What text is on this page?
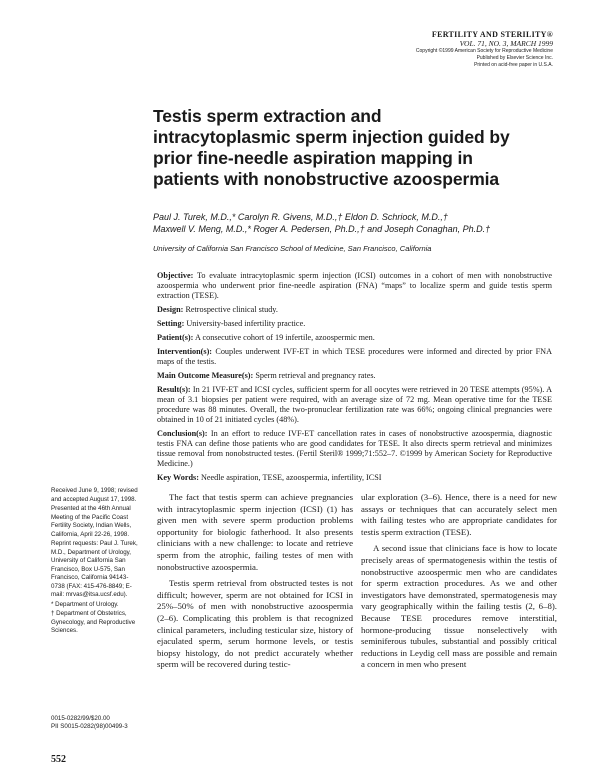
FERTILITY AND STERILITY®
VOL. 71, NO. 3, MARCH 1999
Copyright ©1999 American Society for Reproductive Medicine
Published by Elsevier Science Inc.
Printed on acid-free paper in U.S.A.
Testis sperm extraction and
intracytoplasmic sperm injection guided by
prior fine-needle aspiration mapping in
patients with nonobstructive azoospermia
Paul J. Turek, M.D.,* Carolyn R. Givens, M.D.,† Eldon D. Schriock, M.D.,†
Maxwell V. Meng, M.D.,* Roger A. Pedersen, Ph.D.,† and Joseph Conaghan, Ph.D.†
University of California San Francisco School of Medicine, San Francisco, California

Objective: To evaluate intracytoplasmic sperm injection (ICSI) outcomes in a cohort of men with nonobstructive azoospermia who underwent prior fine-needle aspiration (FNA) “maps” to localize sperm and guide testis sperm extraction (TESE).

Design: Retrospective clinical study.

Setting: University-based infertility practice.

Patient(s): A consecutive cohort of 19 infertile, azoospermic men.

Intervention(s): Couples underwent IVF-ET in which TESE procedures were informed and directed by prior FNA maps of the testis.

Main Outcome Measure(s): Sperm retrieval and pregnancy rates.

Result(s): In 21 IVF-ET and ICSI cycles, sufficient sperm for all oocytes were retrieved in 20 TESE attempts (95%). A mean of 3.1 biopsies per patient were required, with an average size of 72 mg. Mean operative time for the TESE procedure was 88 minutes. Overall, the two-pronuclear fertilization rate was 66%; ongoing clinical pregnancies were obtained in 10 of 21 initiated cycles (48%).

Conclusion(s): In an effort to reduce IVF-ET cancellation rates in cases of nonobstructive azoospermia, diagnostic testis FNA can define those patients who are good candidates for TESE. It also directs sperm retrieval and minimizes tissue removal from nonobstructed testes. (Fertil Steril® 1999;71:552–7. ©1999 by American Society for Reproductive Medicine.)

Key Words: Needle aspiration, TESE, azoospermia, infertility, ICSI

Received June 9, 1998; revised and accepted August 17, 1998.

Presented at the 46th Annual Meeting of the Pacific Coast Fertility Society, Indian Wells, California, April 22-26, 1998.

Reprint requests: Paul J. Turek, M.D., Department of Urology, University of California San Francisco, Box U-575, San Francisco, California 94143-0738 (FAX: 415-476-8849; E-mail: mrvas@itsa.ucsf.edu).

* Department of Urology.

† Department of Obstetrics, Gynecology, and Reproductive Sciences.

0015-0282/99/$20.00
PII S0015-0282(98)00499-3
552

The fact that testis sperm can achieve pregnancies with intracytoplasmic sperm injection (ICSI) (1) has given men with severe sperm production problems opportunity for biologic fatherhood. It also presents clinicians with a new challenge: to locate and retrieve sperm from the atrophic, failing testes of men with nonobstructive azoospermia.

Testis sperm retrieval from obstructed testes is not difficult; however, sperm are not obtained for ICSI in 25%–50% of men with nonobstructive azoospermia (2–6). Complicating this problem is that recognized clinical parameters, including testicular size, history of ejaculated sperm, serum hormone levels, or testis biopsy histology, do not predict accurately whether sperm will be recovered during testic-

ular exploration (3–6). Hence, there is a need for new assays or techniques that can accurately select men with failing testes who are appropriate candidates for testis sperm extraction (TESE).

A second issue that clinicians face is how to locate precisely areas of spermatogenesis within the testis of nonobstructive azoospermic men who are candidates for sperm extraction procedures. As we and other investigators have demonstrated, spermatogenesis may vary geographically within the failing testis (2, 6–8). Because TESE procedures remove interstitial, hormone-producing tissue nonselectively with seminiferous tubules, substantial and possibly critical reductions in Leydig cell mass are possible and remain a concern in men who present
